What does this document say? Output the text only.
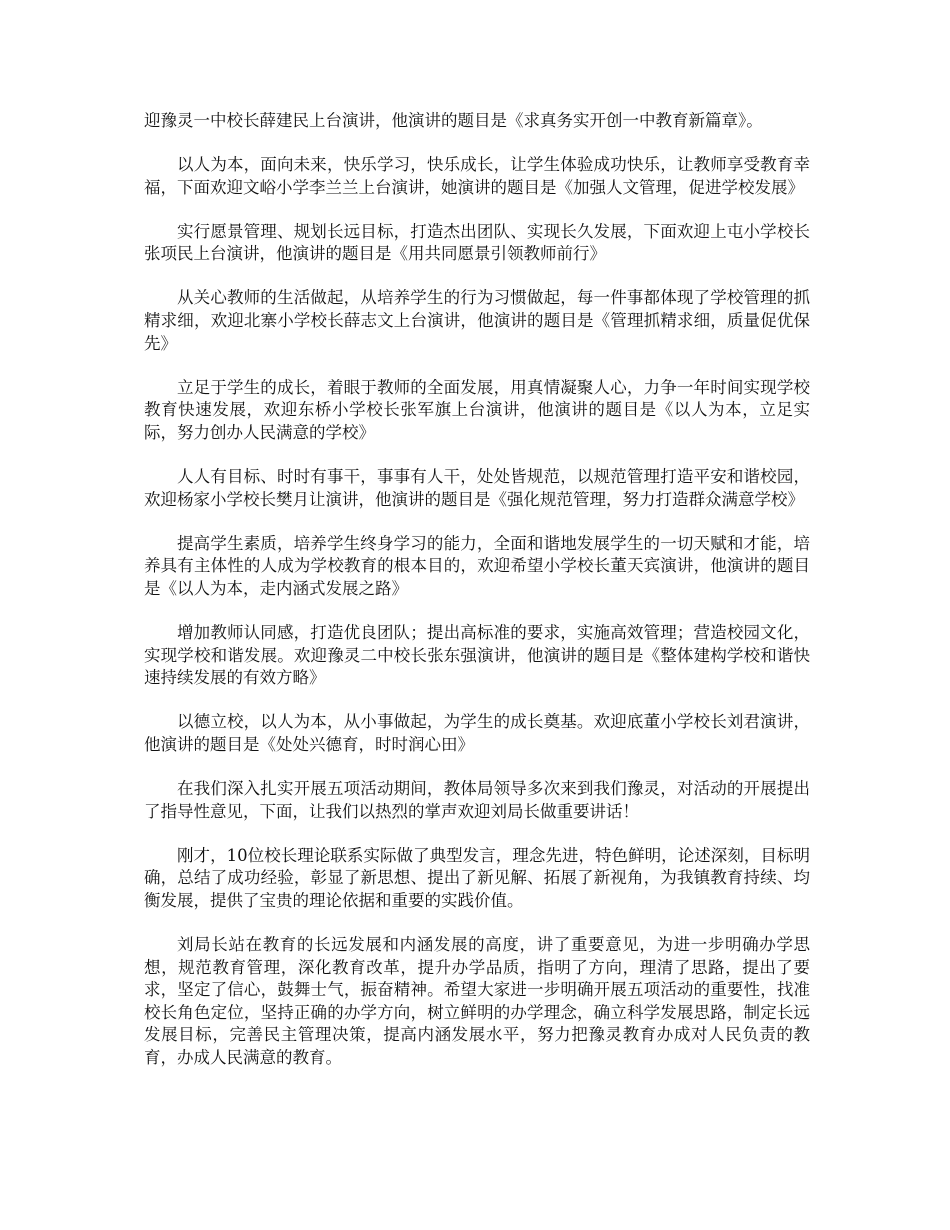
迎豫灵一中校长薛建民上台演讲，他演讲的题目是《求真务实开创一中教育新篇章》。

以人为本，面向未来，快乐学习，快乐成长，让学生体验成功快乐，让教师享受教育幸福，下面欢迎文峪小学李兰兰上台演讲，她演讲的题目是《加强人文管理，促进学校发展》

实行愿景管理、规划长远目标，打造杰出团队、实现长久发展，下面欢迎上屯小学校长张项民上台演讲，他演讲的题目是《用共同愿景引领教师前行》

从关心教师的生活做起，从培养学生的行为习惯做起，每一件事都体现了学校管理的抓精求细，欢迎北寨小学校长薛志文上台演讲，他演讲的题目是《管理抓精求细，质量促优保先》

立足于学生的成长，着眼于教师的全面发展，用真情凝聚人心，力争一年时间实现学校教育快速发展，欢迎东桥小学校长张军旗上台演讲，他演讲的题目是《以人为本，立足实际，努力创办人民满意的学校》

人人有目标、时时有事干，事事有人干，处处皆规范，以规范管理打造平安和谐校园，欢迎杨家小学校长樊月让演讲，他演讲的题目是《强化规范管理，努力打造群众满意学校》

提高学生素质，培养学生终身学习的能力，全面和谐地发展学生的一切天赋和才能，培养具有主体性的人成为学校教育的根本目的，欢迎希望小学校长董天宾演讲，他演讲的题目是《以人为本，走内涵式发展之路》

增加教师认同感，打造优良团队；提出高标准的要求，实施高效管理；营造校园文化，实现学校和谐发展。欢迎豫灵二中校长张东强演讲，他演讲的题目是《整体建构学校和谐快速持续发展的有效方略》

以德立校，以人为本，从小事做起，为学生的成长奠基。欢迎底董小学校长刘君演讲，他演讲的题目是《处处兴德育，时时润心田》

在我们深入扎实开展五项活动期间，教体局领导多次来到我们豫灵，对活动的开展提出了指导性意见，下面，让我们以热烈的掌声欢迎刘局长做重要讲话！

刚才，10位校长理论联系实际做了典型发言，理念先进，特色鲜明，论述深刻，目标明确，总结了成功经验，彰显了新思想、提出了新见解、拓展了新视角，为我镇教育持续、均衡发展，提供了宝贵的理论依据和重要的实践价值。

刘局长站在教育的长远发展和内涵发展的高度，讲了重要意见，为进一步明确办学思想，规范教育管理，深化教育改革，提升办学品质，指明了方向，理清了思路，提出了要求，坚定了信心，鼓舞士气，振奋精神。希望大家进一步明确开展五项活动的重要性，找准校长角色定位，坚持正确的办学方向，树立鲜明的办学理念，确立科学发展思路，制定长远发展目标，完善民主管理决策，提高内涵发展水平，努力把豫灵教育办成对人民负责的教育，办成人民满意的教育。
